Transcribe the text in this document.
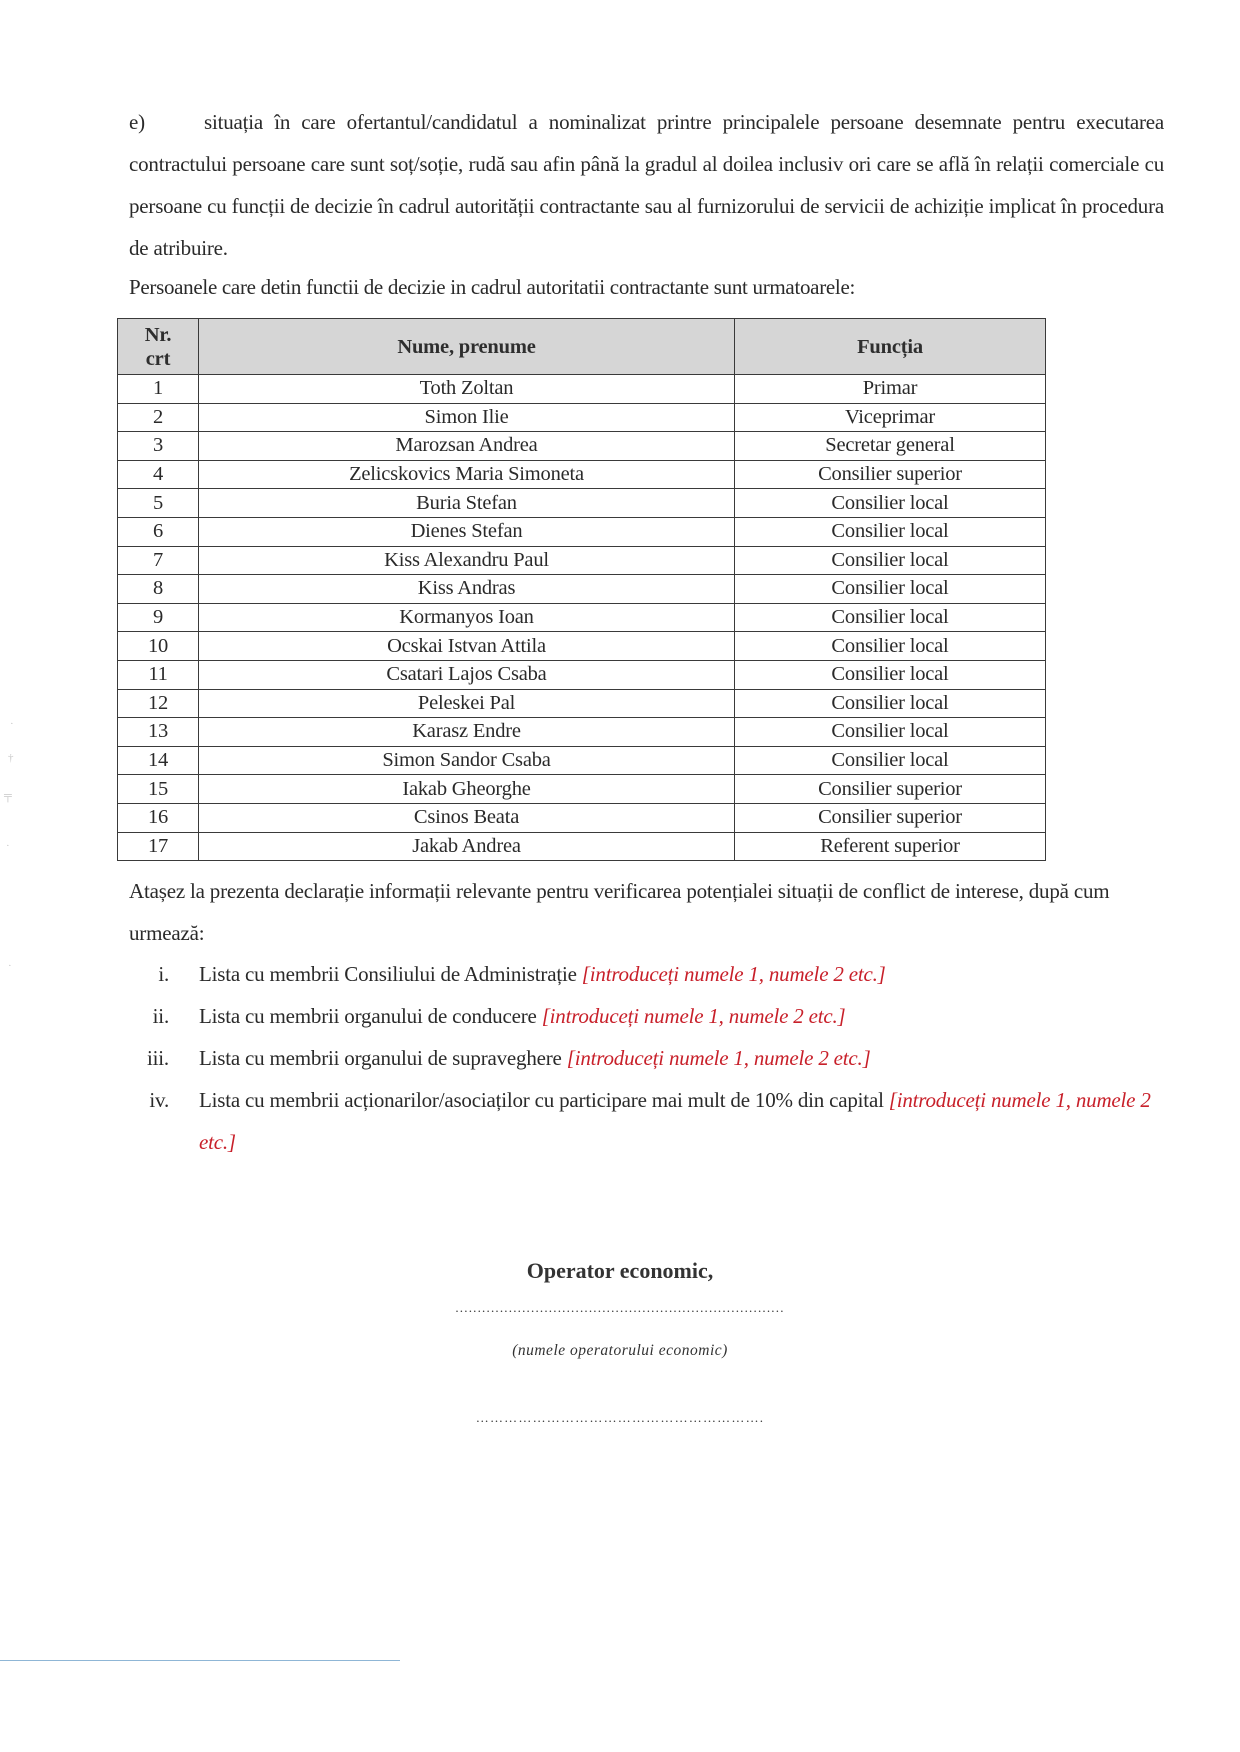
e)	situația în care ofertantul/candidatul a nominalizat printre principalele persoane desemnate pentru executarea contractului persoane care sunt soț/soție, rudă sau afin până la gradul al doilea inclusiv ori care se află în relații comerciale cu persoane cu funcții de decizie în cadrul autorității contractante sau al furnizorului de servicii de achiziție implicat în procedura de atribuire.
Persoanele care detin functii de decizie in cadrul autoritatii contractante sunt urmatoarele:
Nr.
crt	Nume, prenume	Funcția
1	Toth Zoltan	Primar
2	Simon Ilie	Viceprimar
3	Marozsan Andrea	Secretar general
4	Zelicskovics Maria Simoneta	Consilier superior
5	Buria Stefan	Consilier local
6	Dienes Stefan	Consilier local
7	Kiss Alexandru Paul	Consilier local
8	Kiss Andras	Consilier local
9	Kormanyos Ioan	Consilier local
10	Ocskai Istvan Attila	Consilier local
11	Csatari Lajos Csaba	Consilier local
12	Peleskei Pal	Consilier local
13	Karasz Endre	Consilier local
14	Simon Sandor Csaba	Consilier local
15	Iakab Gheorghe	Consilier superior
16	Csinos Beata	Consilier superior
17	Jakab Andrea	Referent superior
Atașez la prezenta declarație informații relevante pentru verificarea potențialei situații de conflict de interese, după cum urmează:
i. Lista cu membrii Consiliului de Administrație [introduceți numele 1, numele 2 etc.]
ii. Lista cu membrii organului de conducere [introduceți numele 1, numele 2 etc.]
iii. Lista cu membrii organului de supraveghere [introduceți numele 1, numele 2 etc.]
iv. Lista cu membrii acționarilor/asociaților cu participare mai mult de 10% din capital [introduceți numele 1, numele 2 etc.]
Operator economic,
..........................................................................
(numele operatorului economic)
…………………………………………………….
·
†
╤
·
·
